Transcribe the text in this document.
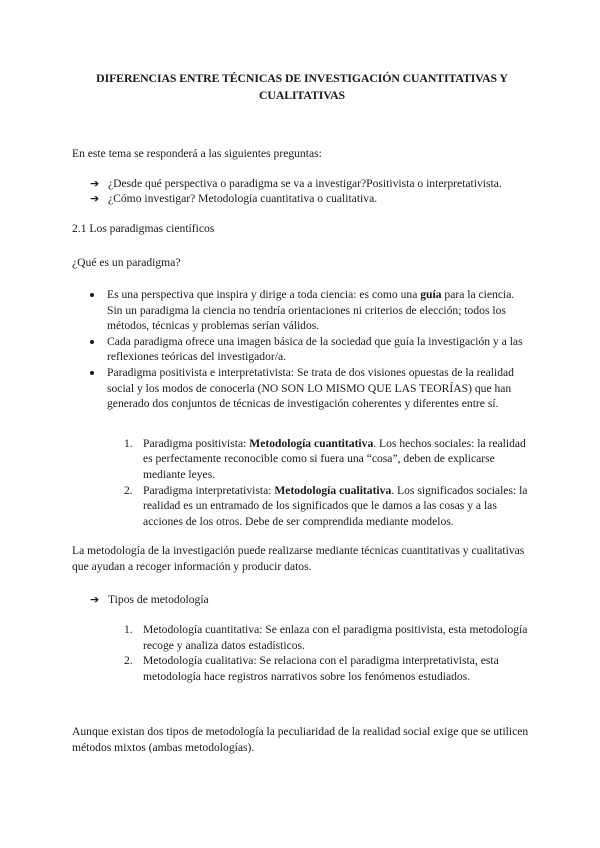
DIFERENCIAS ENTRE TÉCNICAS DE INVESTIGACIÓN CUANTITATIVAS Y CUALITATIVAS

En este tema se responderá a las siguientes preguntas:

➔ ¿Desde qué perspectiva o paradigma se va a investigar?Positivista o interpretativista.
➔ ¿Cómo investigar? Metodología cuantitativa o cualitativa.

2.1 Los paradigmas científicos

¿Qué es un paradigma?

Es una perspectiva que inspira y dirige a toda ciencia: es como una guía para la ciencia. Sin un paradigma la ciencia no tendría orientaciones ni criterios de elección; todos los métodos, técnicas y problemas serían válidos.
Cada paradigma ofrece una imagen básica de la sociedad que guía la investigación y a las reflexiones teóricas del investigador/a.
Paradigma positivista e interpretativista: Se trata de dos visiones opuestas de la realidad social y los modos de conocerla (NO SON LO MISMO QUE LAS TEORÍAS) que han generado dos conjuntos de técnicas de investigación coherentes y diferentes entre sí.
1. Paradigma positivista: Metodología cuantitativa. Los hechos sociales: la realidad es perfectamente reconocible como si fuera una “cosa”, deben de explicarse mediante leyes.
2. Paradigma interpretativista: Metodología cualitativa. Los significados sociales: la realidad es un entramado de los significados que le damos a las cosas y a las acciones de los otros. Debe de ser comprendida mediante modelos.

La metodología de la investigación puede realizarse mediante técnicas cuantitativas y cualitativas que ayudan a recoger información y producir datos.

➔ Tipos de metodología
1. Metodología cuantitativa: Se enlaza con el paradigma positivista, esta metodología recoge y analiza datos estadísticos.
2. Metodología cualitativa: Se relaciona con el paradigma interpretativista, esta metodología hace registros narrativos sobre los fenómenos estudiados.

Aunque existan dos tipos de metodología la peculiaridad de la realidad social exige que se utilicen métodos mixtos (ambas metodologías).
